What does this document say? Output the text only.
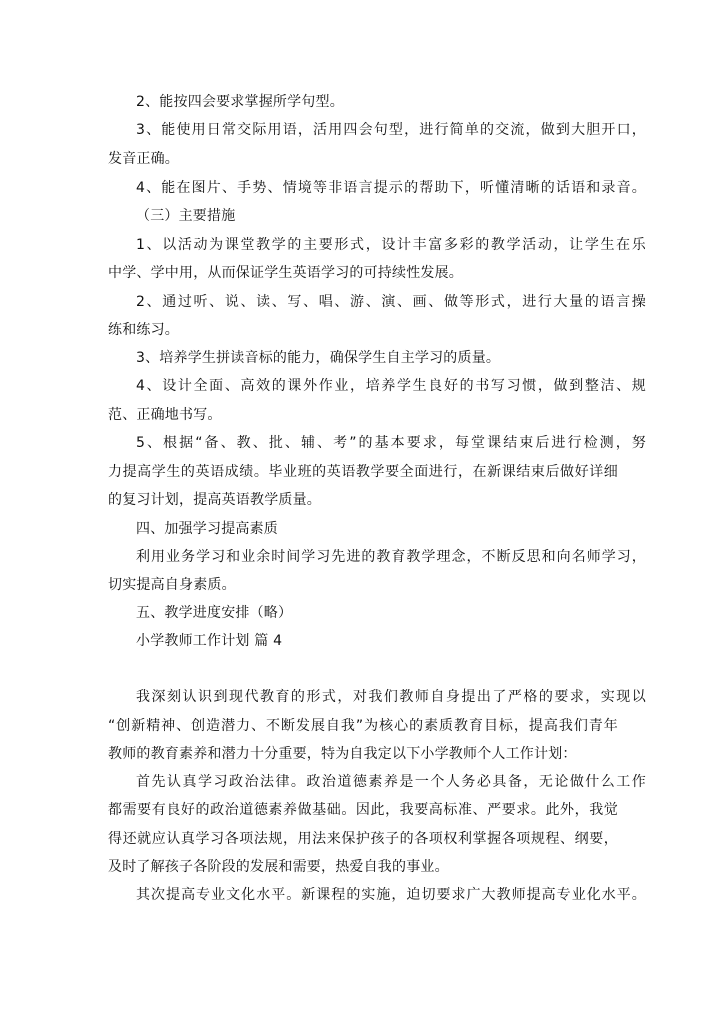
2、能按四会要求掌握所学句型。
3、能使用日常交际用语，活用四会句型，进行简单的交流，做到大胆开口，
发音正确。
4、能在图片、手势、情境等非语言提示的帮助下，听懂清晰的话语和录音。
（三）主要措施
1、以活动为课堂教学的主要形式，设计丰富多彩的教学活动，让学生在乐
中学、学中用，从而保证学生英语学习的可持续性发展。
2、通过听、说、读、写、唱、游、演、画、做等形式，进行大量的语言操
练和练习。
3、培养学生拼读音标的能力，确保学生自主学习的质量。
4、设计全面、高效的课外作业，培养学生良好的书写习惯，做到整洁、规
范、正确地书写。
5、根据“备、教、批、辅、考”的基本要求，每堂课结束后进行检测，努
力提高学生的英语成绩。毕业班的英语教学要全面进行，在新课结束后做好详细
的复习计划，提高英语教学质量。
四、加强学习提高素质
利用业务学习和业余时间学习先进的教育教学理念，不断反思和向名师学习，
切实提高自身素质。
五、教学进度安排（略）
小学教师工作计划 篇 4
我深刻认识到现代教育的形式，对我们教师自身提出了严格的要求，实现以
“创新精神、创造潜力、不断发展自我”为核心的素质教育目标，提高我们青年
教师的教育素养和潜力十分重要，特为自我定以下小学教师个人工作计划：
首先认真学习政治法律。政治道德素养是一个人务必具备，无论做什么工作
都需要有良好的政治道德素养做基础。因此，我要高标准、严要求。此外，我觉
得还就应认真学习各项法规，用法来保护孩子的各项权利掌握各项规程、纲要，
及时了解孩子各阶段的发展和需要，热爱自我的事业。
其次提高专业文化水平。新课程的实施，迫切要求广大教师提高专业化水平。
